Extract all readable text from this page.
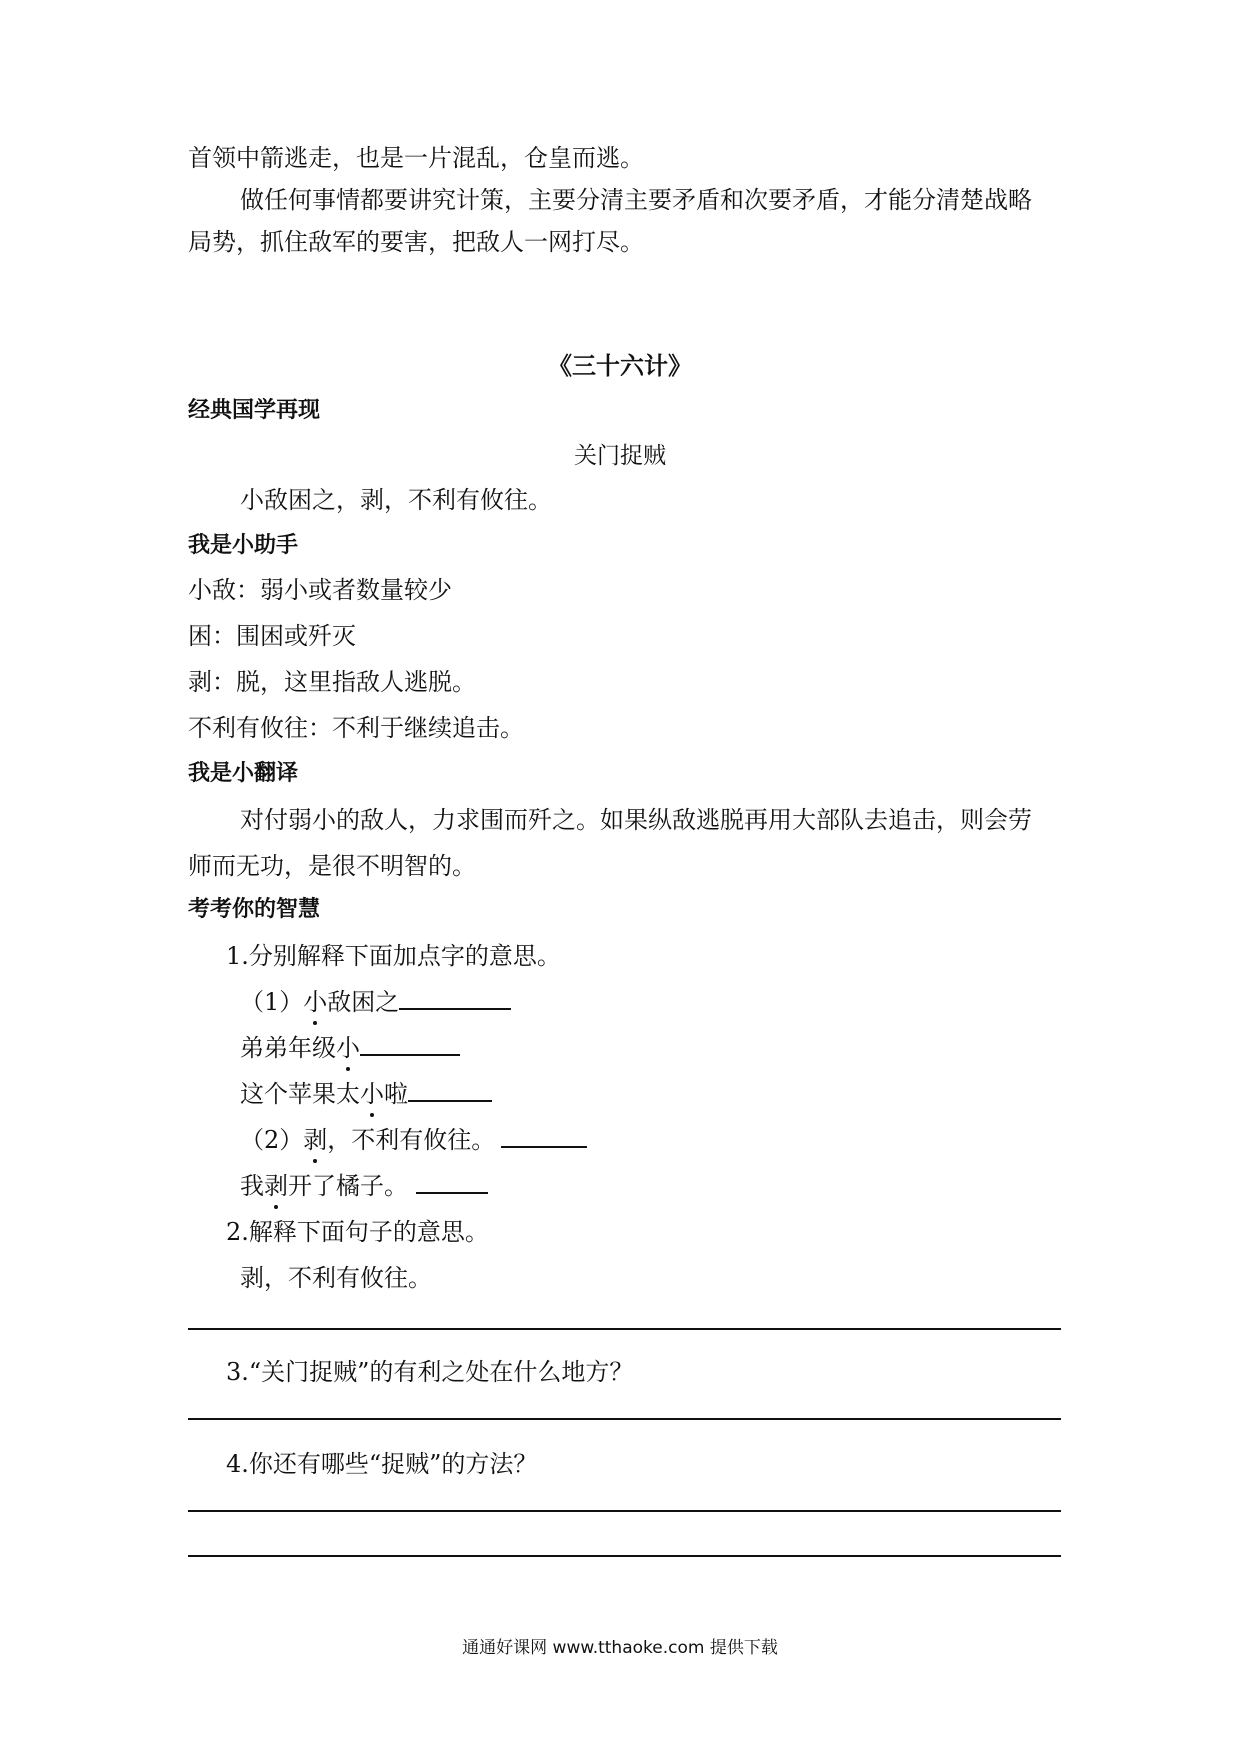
首领中箭逃走，也是一片混乱，仓皇而逃。
做任何事情都要讲究计策，主要分清主要矛盾和次要矛盾，才能分清楚战略
局势，抓住敌军的要害，把敌人一网打尽。
《三十六计》
经典国学再现
关门捉贼
小敌困之，剥，不利有攸往。
我是小助手
小敌：弱小或者数量较少
困：围困或歼灭
剥：脱，这里指敌人逃脱。
不利有攸往：不利于继续追击。
我是小翻译
对付弱小的敌人，力求围而歼之。如果纵敌逃脱再用大部队去追击，则会劳
师而无功，是很不明智的。
考考你的智慧
1.分别解释下面加点字的意思。
（1）小敌困之
弟弟年级小
这个苹果太小啦
（2）剥，不利有攸往。
我剥开了橘子。
2.解释下面句子的意思。
剥，不利有攸往。
3.“关门捉贼”的有利之处在什么地方？
4.你还有哪些“捉贼”的方法？
通通好课网 www.tthaoke.com 提供下载
